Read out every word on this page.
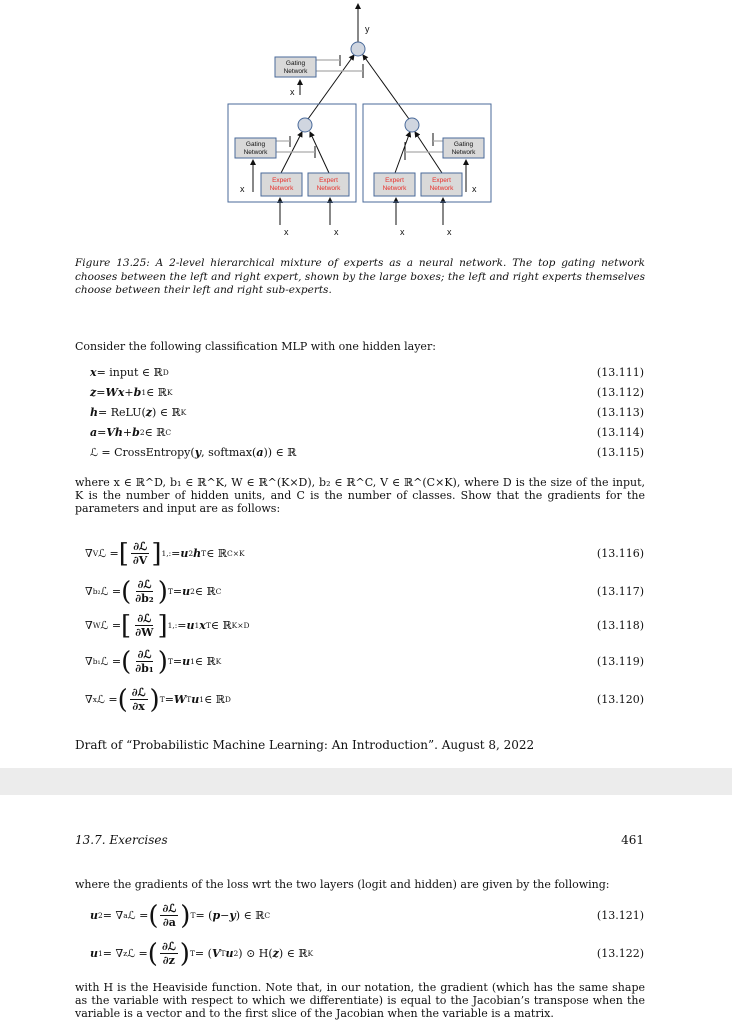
Gating
Network
Gating
Network
Gating
Network
Expert
Network
Expert
Network
Expert
Network
Expert
Network
y
x
x	x
x	x	x	x
Figure 13.25: A 2-level hierarchical mixture of experts as a neural network. The top gating network chooses between the left and right expert, shown by the large boxes; the left and right experts themselves choose between their left and right sub-experts.
Consider the following classification MLP with one hidden layer:
where x ∈ ℝ^D, b₁ ∈ ℝ^K, W ∈ ℝ^(K×D), b₂ ∈ ℝ^C, V ∈ ℝ^(C×K), where D is the size of the input, K is the number of hidden units, and C is the number of classes. Show that the gradients for the parameters and input are as follows:
Draft of “Probabilistic Machine Learning: An Introduction”. August 8, 2022
13.7. Exercises	461
where the gradients of the loss wrt the two layers (logit and hidden) are given by the following:
with H is the Heaviside function. Note that, in our notation, the gradient (which has the same shape as the variable with respect to which we differentiate) is equal to the Jacobian’s transpose when the variable is a vector and to the first slice of the Jacobian when the variable is a matrix.
x = input ∈ ℝ D	(13.111)
z = Wx + b 1 ∈ ℝ K	(13.112)
h = ReLU( z ) ∈ ℝ K	(13.113)
a = Vh + b 2 ∈ ℝ C	(13.114)
ℒ = CrossEntropy( y , softmax( a )) ∈ ℝ	(13.115)
∇ V ℒ = [ $\frac{\text{∂ℒ}}{\partial V}$ ] 1,: = u 2 h T ∈ ℝ C×K	(13.116)
∇ b₂ ℒ = ( $\frac{\text{∂ℒ}}{\text{∂b₂}}$ ) T = u 2 ∈ ℝ C	(13.117)
∇ W ℒ = [ $\frac{\text{∂ℒ}}{\partial W}$ ] 1,: = u 1 x T ∈ ℝ K×D	(13.118)
∇ b₁ ℒ = ( $\frac{\text{∂ℒ}}{\text{∂b₁}}$ ) T = u 1 ∈ ℝ K	(13.119)
∇ x ℒ = ( $\frac{\text{∂ℒ}}{\partial x}$ ) T = W T u 1 ∈ ℝ D	(13.120)
u 2 = ∇ a ℒ = ( $\frac{\text{∂ℒ}}{\partial a}$ ) T = ( p − y ) ∈ ℝ C	(13.121)
u 1 = ∇ z ℒ = ( $\frac{\text{∂ℒ}}{\partial z}$ ) T = ( V T u 2 ) ⊙ H( z ) ∈ ℝ K	(13.122)
